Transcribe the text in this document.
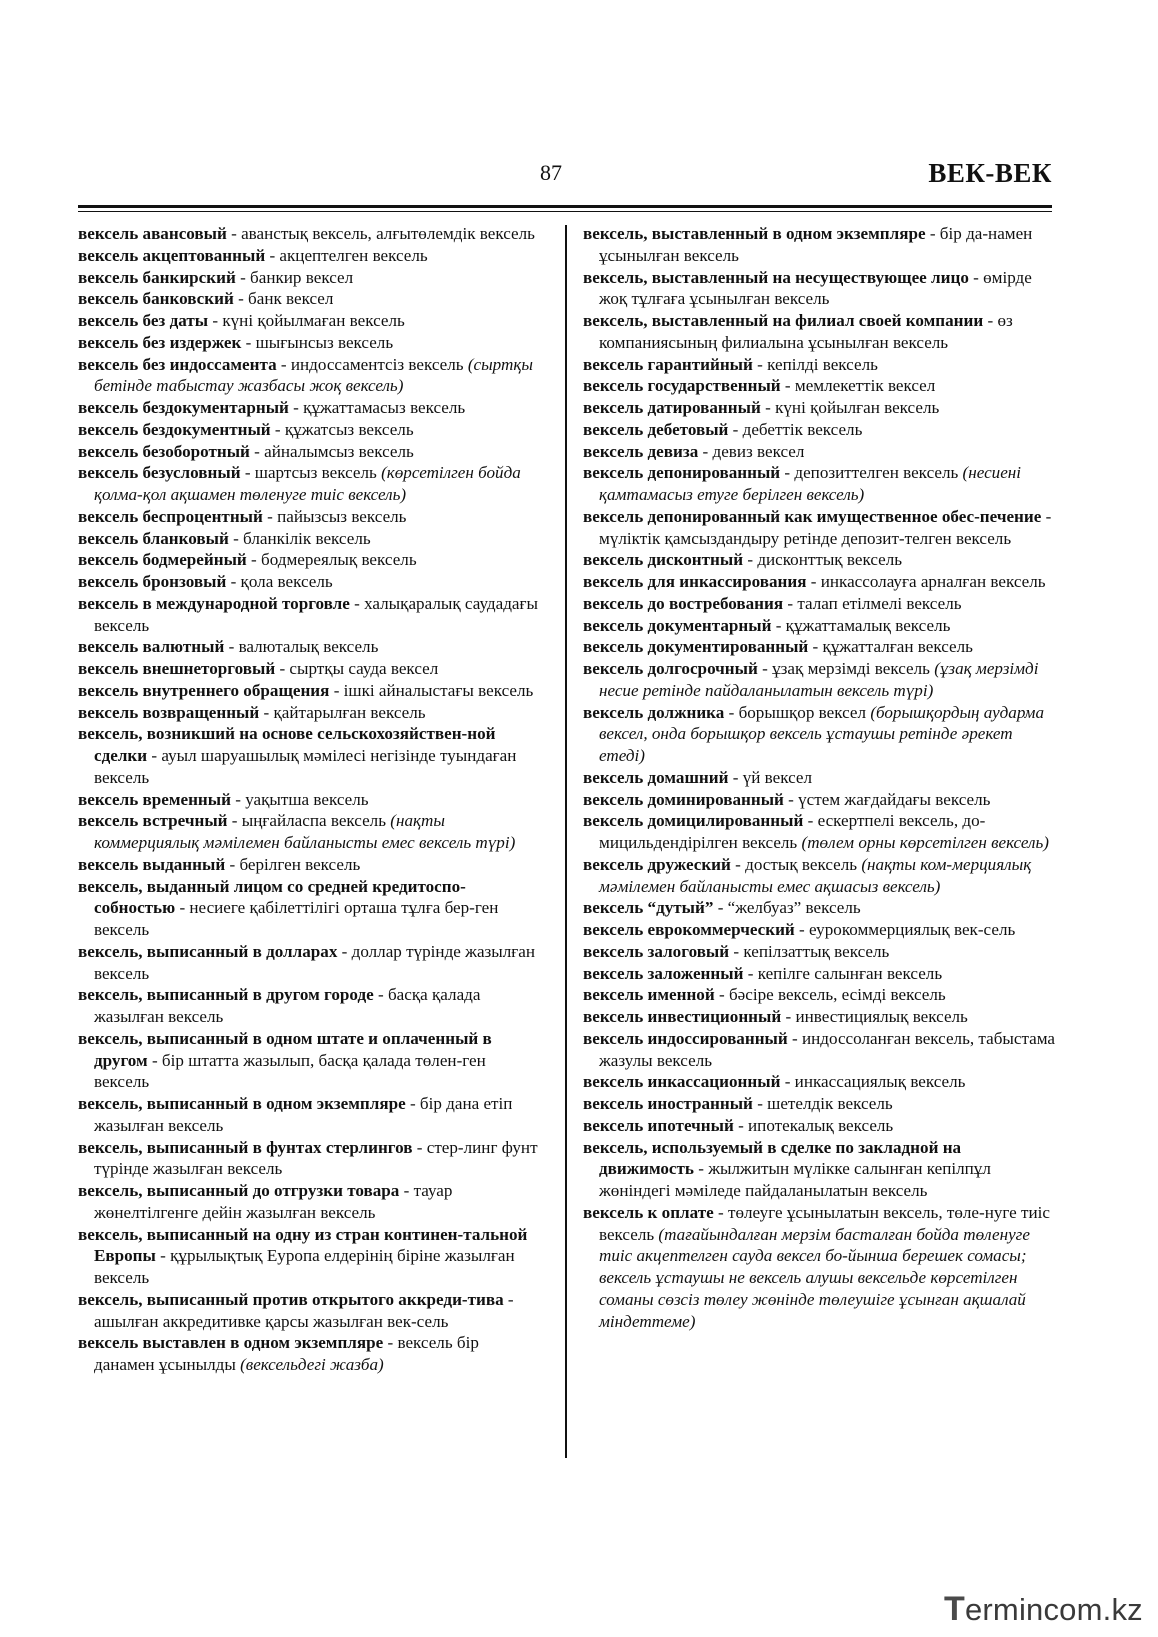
87	ВЕК-ВЕК

вексель авансовый - аванстық вексель, алғытөлемдік вексель

вексель акцептованный - акцептелген вексель

вексель банкирский - банкир вексел

вексель банковский - банк вексел

вексель без даты - күні қойылмаған вексель

вексель без издержек - шығынсыз вексель

вексель без индоссамента - индоссаментсіз вексель (сыртқы бетінде табыстау жазбасы жоқ вексель)

вексель бездокументарный - құжаттамасыз вексель

вексель бездокументный - құжатсыз вексель

вексель безоборотный - айналымсыз вексель

вексель безусловный - шартсыз вексель (көрсетілген бойда қолма-қол ақшамен төленуге тиіс вексель)

вексель беспроцентный - пайызсыз вексель

вексель бланковый - бланкілік вексель

вексель бодмерейный - бодмереялық вексель

вексель бронзовый - қола вексель

вексель в международной торговле - халықаралық саудадағы вексель

вексель валютный - валюталық вексель

вексель внешнеторговый - сыртқы сауда вексел

вексель внутреннего обращения - ішкі айналыстағы вексель

вексель возвращенный - қайтарылған вексель

вексель, возникший на основе сельскохозяйствен-ной сделки - ауыл шаруашылық мәмілесі негізінде туындаған вексель

вексель временный - уақытша вексель

вексель встречный - ыңғайласпа вексель (нақты коммерциялық мәмілемен байланысты емес вексель түрі)

вексель выданный - берілген вексель

вексель, выданный лицом со средней кредитоспо-собностью - несиеге қабілеттілігі орташа тұлға бер-ген вексель

вексель, выписанный в долларах - доллар түрінде жазылған вексель

вексель, выписанный в другом городе - басқа қалада жазылған вексель

вексель, выписанный в одном штате и оплаченный в другом - бір штатта жазылып, басқа қалада төлен-ген вексель

вексель, выписанный в одном экземпляре - бір дана етіп жазылған вексель

вексель, выписанный в фунтах стерлингов - стер-линг фунт түрінде жазылған вексель

вексель, выписанный до отгрузки товара - тауар жөнелтілгенге дейін жазылған вексель

вексель, выписанный на одну из стран континен-тальной Европы - құрылықтық Еуропа елдерінің біріне жазылған вексель

вексель, выписанный против открытого аккреди-тива - ашылған аккредитивке қарсы жазылған век-сель

вексель выставлен в одном экземпляре - вексель бір данамен ұсынылды (вексельдегі жазба)

вексель, выставленный в одном экземпляре - бір да-намен ұсынылған вексель

вексель, выставленный на несуществующее лицо - өмірде жоқ тұлғаға ұсынылған вексель

вексель, выставленный на филиал своей компании - өз компаниясының филиалына ұсынылған вексель

вексель гарантийный - кепілді вексель

вексель государственный - мемлекеттік вексел

вексель датированный - күні қойылған вексель

вексель дебетовый - дебеттік вексель

вексель девиза - девиз вексел

вексель депонированный - депозиттелген вексель (несиені қамтамасыз етуге берілген вексель)

вексель депонированный как имущественное обес-печение - мүліктік қамсыздандыру ретінде депозит-телген вексель

вексель дисконтный - дисконттық вексель

вексель для инкассирования - инкассолауға арналған вексель

вексель до востребования - талап етілмелі вексель

вексель документарный - құжаттамалық вексель

вексель документированный - құжатталған вексель

вексель долгосрочный - ұзақ мерзімді вексель (ұзақ мерзімді несие ретінде пайдаланылатын вексель түрі)

вексель должника - борышқор вексел (борышқордың аударма вексел, онда борышқор вексель ұстаушы ретінде әрекет етеді)

вексель домашний - үй вексел

вексель доминированный - үстем жағдайдағы вексель

вексель домицилированный - ескертпелі вексель, до-мицильдендірілген вексель (төлем орны көрсетілген вексель)

вексель дружеский - достық вексель (нақты ком-мерциялық мәмілемен байланысты емес ақшасыз вексель)

вексель “дутый” - “желбуаз” вексель

вексель еврокоммерческий - еурокоммерциялық век-сель

вексель залоговый - кепілзаттық вексель

вексель заложенный - кепілге салынған вексель

вексель именной - бәсіре вексель, есімді вексель

вексель инвестиционный - инвестициялық вексель

вексель индоссированный - индоссоланған вексель, табыстама жазулы вексель

вексель инкассационный - инкассациялық вексель

вексель иностранный - шетелдік вексель

вексель ипотечный - ипотекалық вексель

вексель, используемый в сделке по закладной на движимость - жылжитын мүлікке салынған кепілпұл жөніндегі мәміледе пайдаланылатын вексель

вексель к оплате - төлеуге ұсынылатын вексель, төле-нуге тиіс вексель (тағайындалған мерзім басталған бойда төленуге тиіс акцептелген сауда вексел бо-йынша берешек сомасы; вексель ұстаушы не вексель алушы вексельде көрсетілген соманы сөзсіз төлеу жөнінде төлеушіге ұсынған ақшалай міндеттеме)

Termincom.kz
